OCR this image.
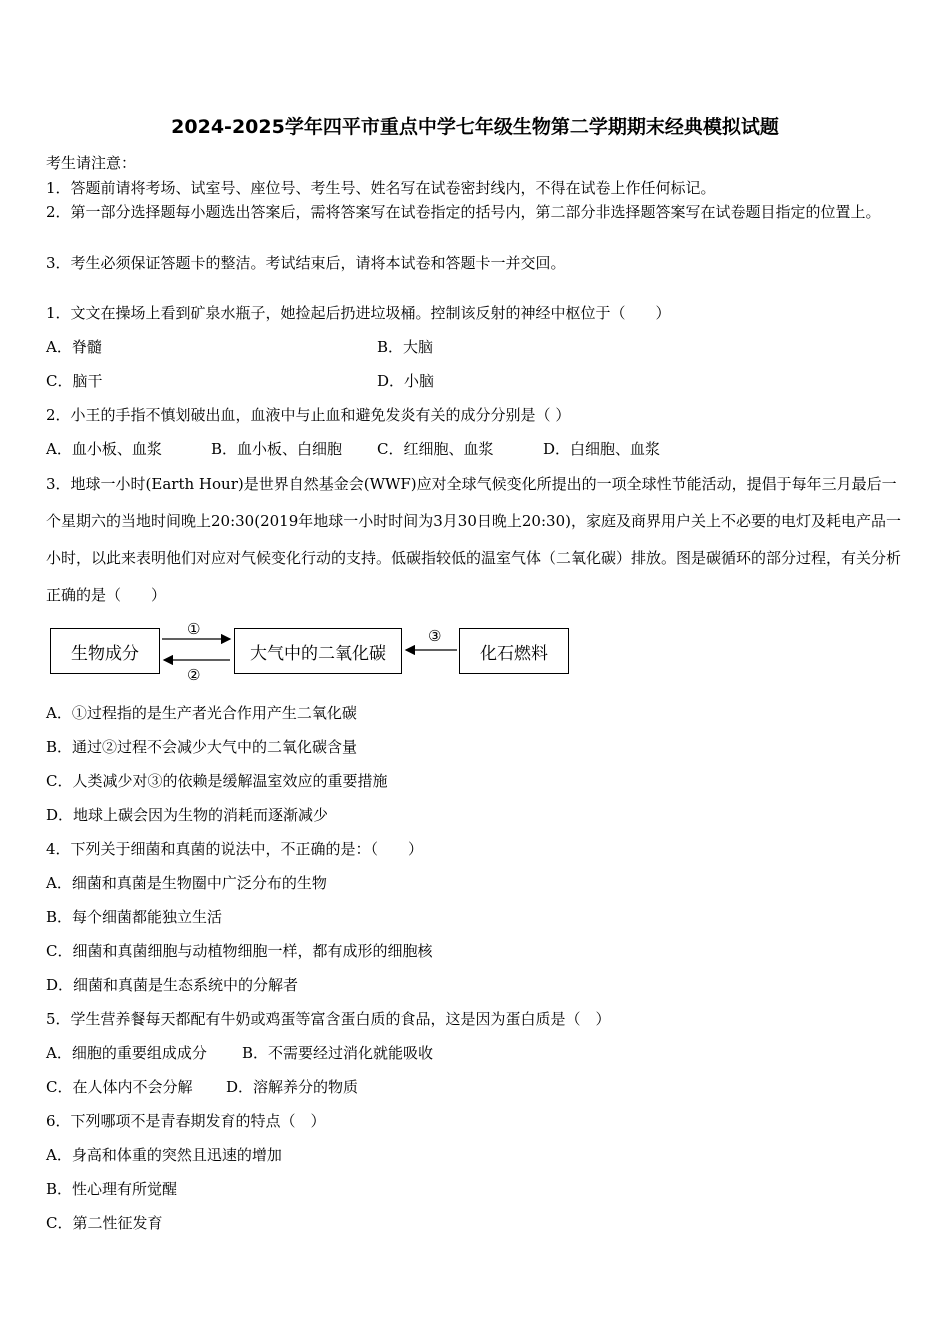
2024-2025学年四平市重点中学七年级生物第二学期期末经典模拟试题
考生请注意：
1．答题前请将考场、试室号、座位号、考生号、姓名写在试卷密封线内，不得在试卷上作任何标记。
2．第一部分选择题每小题选出答案后，需将答案写在试卷指定的括号内，第二部分非选择题答案写在试卷题目指定的位置上。
3．考生必须保证答题卡的整洁。考试结束后，请将本试卷和答题卡一并交回。
1．文文在操场上看到矿泉水瓶子，她捡起后扔进垃圾桶。控制该反射的神经中枢位于（　　）
A．脊髓	B．大脑
C．脑干	D．小脑
2．小王的手指不慎划破出血，血液中与止血和避免发炎有关的成分分别是（ ）
A．血小板、血浆	B．血小板、白细胞 C．红细胞、血浆	D．白细胞、血浆
3．地球一小时(Earth Hour)是世界自然基金会(WWF)应对全球气候变化所提出的一项全球性节能活动，提倡于每年三月最后一个星期六的当地时间晚上20:30(2019年地球一小时时间为3月30日晚上20:30)，家庭及商界用户关上不必要的电灯及耗电产品一小时，以此来表明他们对应对气候变化行动的支持。低碳指较低的温室气体（二氧化碳）排放。图是碳循环的部分过程，有关分析正确的是（　　）
生物成分	大气中的二氧化碳	化石燃料
①
②
③
A．①过程指的是生产者光合作用产生二氧化碳
B．通过②过程不会减少大气中的二氧化碳含量
C．人类减少对③的依赖是缓解温室效应的重要措施
D．地球上碳会因为生物的消耗而逐渐减少
4．下列关于细菌和真菌的说法中，不正确的是：（　　）
A．细菌和真菌是生物圈中广泛分布的生物
B．每个细菌都能独立生活
C．细菌和真菌细胞与动植物细胞一样，都有成形的细胞核
D．细菌和真菌是生态系统中的分解者
5．学生营养餐每天都配有牛奶或鸡蛋等富含蛋白质的食品，这是因为蛋白质是（　）
A．细胞的重要组成成分 B．不需要经过消化就能吸收
C．在人体内不会分解 D．溶解养分的物质
6．下列哪项不是青春期发育的特点（　）
A．身高和体重的突然且迅速的增加
B．性心理有所觉醒
C．第二性征发育
